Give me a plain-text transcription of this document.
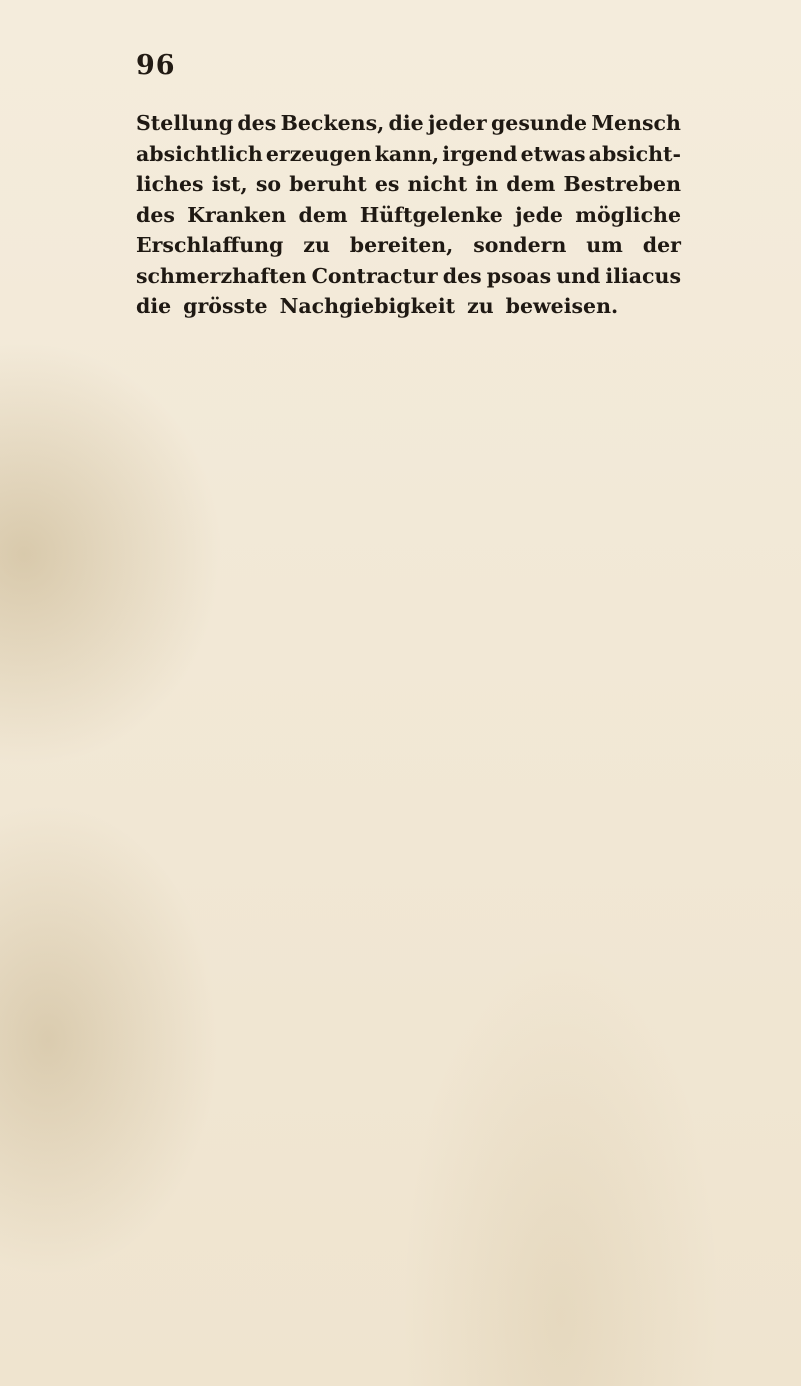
96
Stellung des Beckens, die jeder gesunde Mensch
absichtlich erzeugen kann, irgend etwas absicht-
liches ist, so beruht es nicht in dem Bestreben
des Kranken dem Hüftgelenke jede mögliche
Erschlaffung zu bereiten, sondern um der
schmerzhaften Contractur des psoas und iliacus
die grösste Nachgiebigkeit zu beweisen.
